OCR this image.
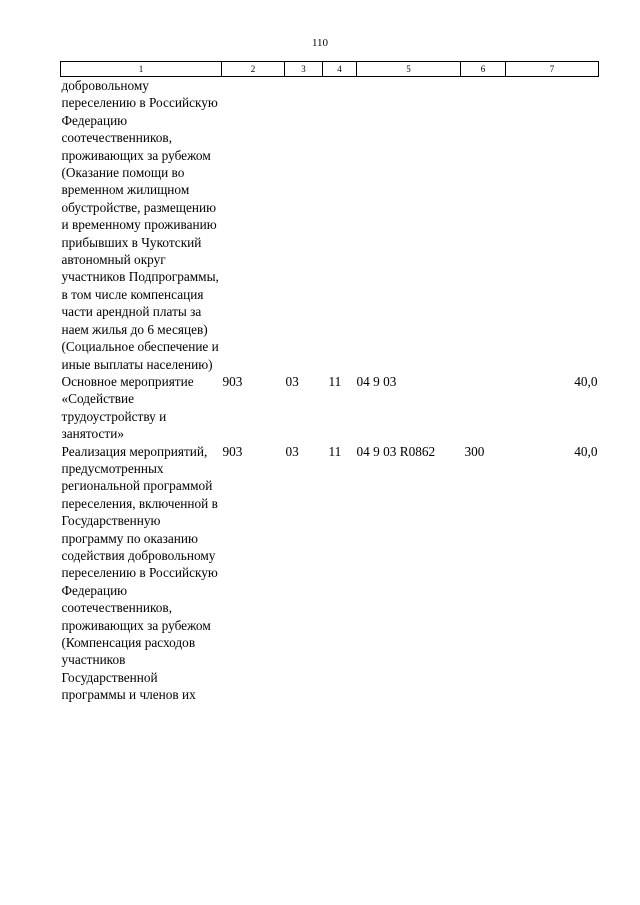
110
1	2	3	4	5	6	7

добровольному переселению в Российскую Федерацию соотечественников, проживающих за рубежом (Оказание помощи во временном жилищном обустройстве, размещению и временному проживанию прибывших в Чукотский автономный округ участников Подпрограммы, в том числе компенсация части арендной платы за наем жилья до 6 месяцев) (Социальное обеспечение и иные выплаты населению)						

Основное мероприятие «Содействие трудоустройству и занятости»	903	03	11	04 9 03		40,0

Реализация мероприятий, предусмотренных региональной программой переселения, включенной в Государственную программу по оказанию содействия добровольному переселению в Российскую Федерацию соотечественников, проживающих за рубежом (Компенсация расходов участников Государственной программы и членов их	903	03	11	04 9 03 R0862	300	40,0
